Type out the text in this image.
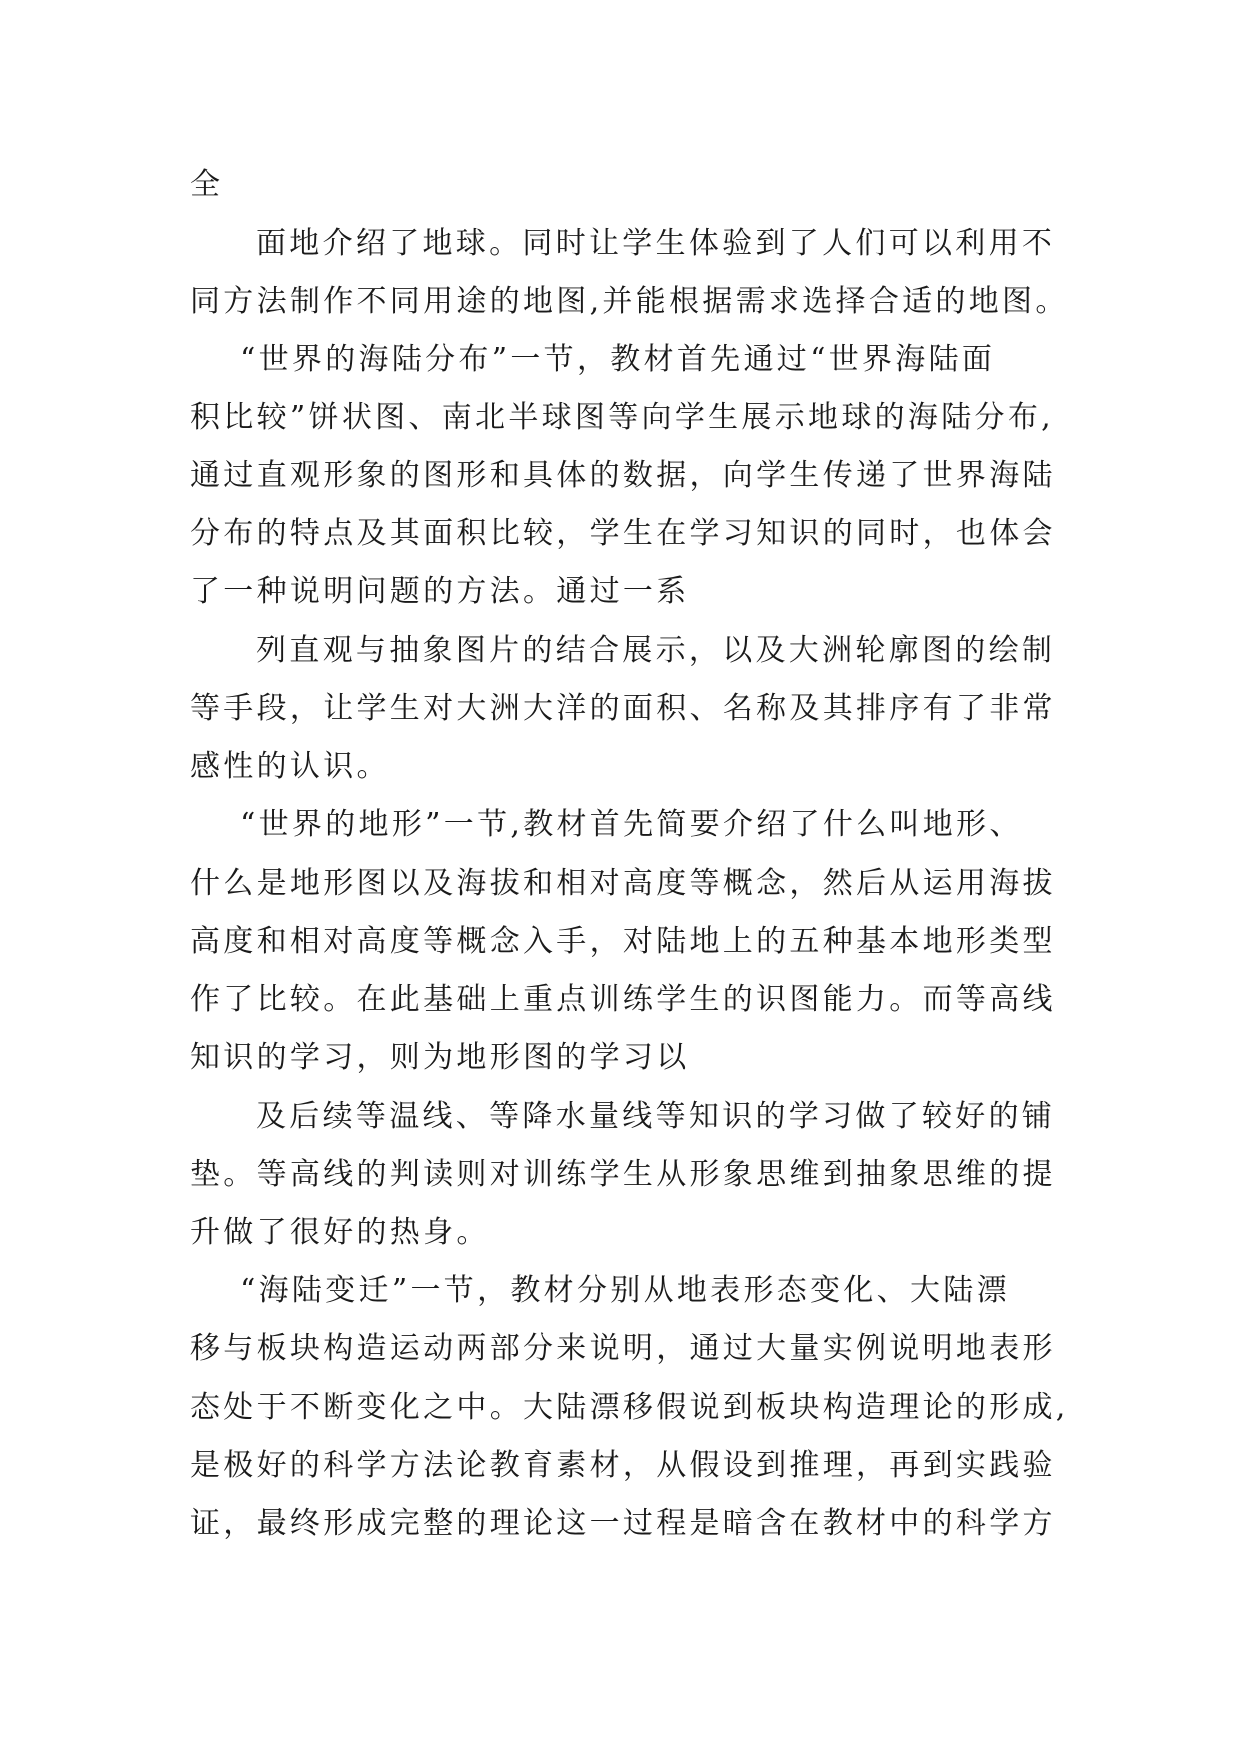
全

面地介绍了地球。同时让学生体验到了人们可以利用不

同方法制作不同用途的地图,并能根据需求选择合适的地图。

“世界的海陆分布”一节，教材首先通过“世界海陆面

积比较”饼状图、南北半球图等向学生展示地球的海陆分布,

通过直观形象的图形和具体的数据，向学生传递了世界海陆

分布的特点及其面积比较，学生在学习知识的同时，也体会

了一种说明问题的方法。通过一系

列直观与抽象图片的结合展示，以及大洲轮廓图的绘制

等手段，让学生对大洲大洋的面积、名称及其排序有了非常

感性的认识。

“世界的地形”一节,教材首先简要介绍了什么叫地形、

什么是地形图以及海拔和相对高度等概念，然后从运用海拔

高度和相对高度等概念入手，对陆地上的五种基本地形类型

作了比较。在此基础上重点训练学生的识图能力。而等高线

知识的学习，则为地形图的学习以

及后续等温线、等降水量线等知识的学习做了较好的铺

垫。等高线的判读则对训练学生从形象思维到抽象思维的提

升做了很好的热身。

“海陆变迁”一节，教材分别从地表形态变化、大陆漂

移与板块构造运动两部分来说明，通过大量实例说明地表形

态处于不断变化之中。大陆漂移假说到板块构造理论的形成,

是极好的科学方法论教育素材，从假设到推理，再到实践验

证，最终形成完整的理论这一过程是暗含在教材中的科学方
